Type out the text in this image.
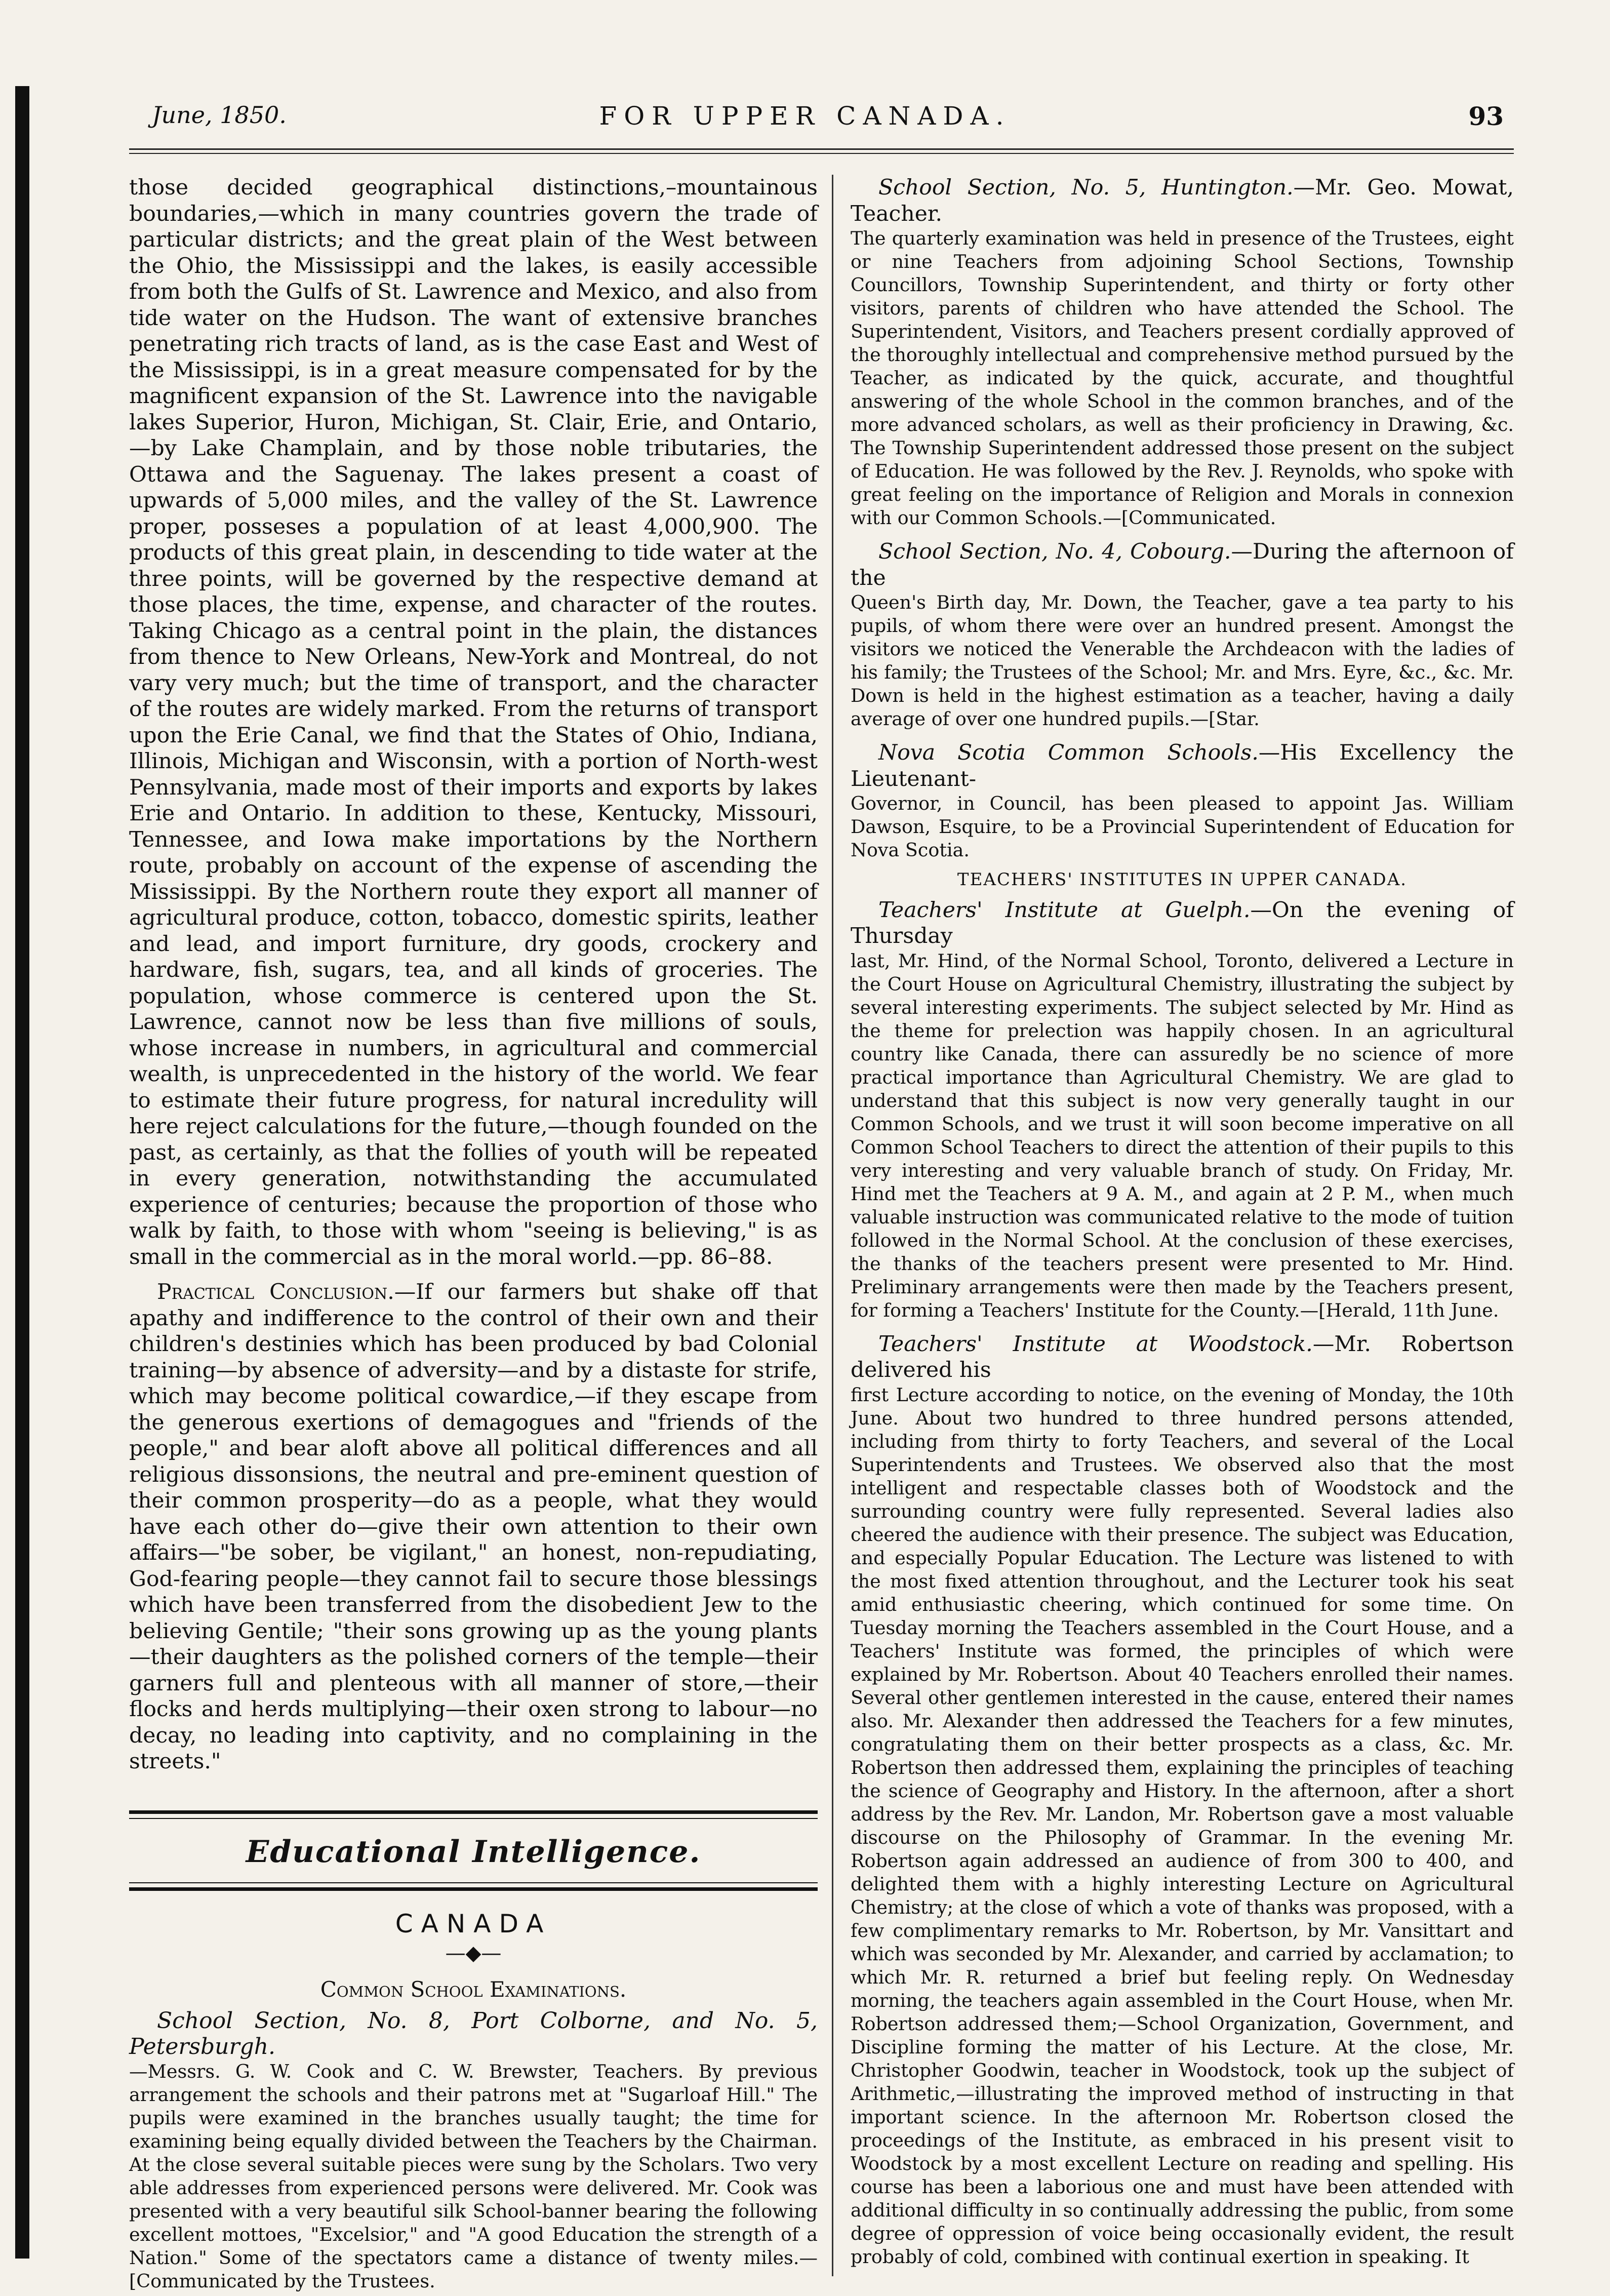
June, 1850.	FOR UPPER CANADA.	93

those decided geographical distinctions,–mountainous boundaries,—which in many countries govern the trade of particular districts; and the great plain of the West between the Ohio, the Mississippi and the lakes, is easily accessible from both the Gulfs of St. Lawrence and Mexico, and also from tide water on the Hudson. The want of extensive branches penetrating rich tracts of land, as is the case East and West of the Mississippi, is in a great measure compensated for by the magnificent expansion of the St. Lawrence into the navigable lakes Superior, Huron, Michigan, St. Clair, Erie, and Ontario,—by Lake Champlain, and by those noble tributaries, the Ottawa and the Saguenay. The lakes present a coast of upwards of 5,000 miles, and the valley of the St. Lawrence proper, posseses a population of at least 4,000,900. The products of this great plain, in descending to tide water at the three points, will be governed by the respective demand at those places, the time, expense, and character of the routes. Taking Chicago as a central point in the plain, the distances from thence to New Orleans, New-York and Montreal, do not vary very much; but the time of transport, and the character of the routes are widely marked. From the returns of transport upon the Erie Canal, we find that the States of Ohio, Indiana, Illinois, Michigan and Wisconsin, with a portion of North-west Pennsylvania, made most of their imports and exports by lakes Erie and Ontario. In addition to these, Kentucky, Missouri, Tennessee, and Iowa make importations by the Northern route, probably on account of the expense of ascending the Mississippi. By the Northern route they export all manner of agricultural produce, cotton, tobacco, domestic spirits, leather and lead, and import furniture, dry goods, crockery and hardware, fish, sugars, tea, and all kinds of groceries. The population, whose commerce is centered upon the St. Lawrence, cannot now be less than five millions of souls, whose increase in numbers, in agricultural and commercial wealth, is unprecedented in the history of the world. We fear to estimate their future progress, for natural incredulity will here reject calculations for the future,—though founded on the past, as certainly, as that the follies of youth will be repeated in every generation, notwithstanding the accumulated experience of centuries; because the proportion of those who walk by faith, to those with whom "seeing is believing," is as small in the commercial as in the moral world.—pp. 86–88.

Practical Conclusion.—If our farmers but shake off that apathy and indifference to the control of their own and their children's destinies which has been produced by bad Colonial training—by absence of adversity—and by a distaste for strife, which may become political cowardice,—if they escape from the generous exertions of demagogues and "friends of the people," and bear aloft above all political differences and all religious dissonsions, the neutral and pre-eminent question of their common prosperity—do as a people, what they would have each other do—give their own attention to their own affairs—"be sober, be vigilant," an honest, non-repudiating, God-fearing people—they cannot fail to secure those blessings which have been transferred from the disobedient Jew to the believing Gentile; "their sons growing up as the young plants—their daughters as the polished corners of the temple—their garners full and plenteous with all manner of store,—their flocks and herds multiplying—their oxen strong to labour—no decay, no leading into captivity, and no complaining in the streets."

Educational Intelligence.
CANADA
—◆—
Common School Examinations.

School Section, No. 8, Port Colborne, and No. 5, Petersburgh.

—Messrs. G. W. Cook and C. W. Brewster, Teachers. By previous arrangement the schools and their patrons met at "Sugarloaf Hill." The pupils were examined in the branches usually taught; the time for examining being equally divided between the Teachers by the Chairman. At the close several suitable pieces were sung by the Scholars. Two very able addresses from experienced persons were delivered. Mr. Cook was presented with a very beautiful silk School-banner bearing the following excellent mottoes, "Excelsior," and "A good Education the strength of a Nation." Some of the spectators came a distance of twenty miles.—[Communicated by the Trustees.

School Section, No. 5, Huntington.—Mr. Geo. Mowat, Teacher.

The quarterly examination was held in presence of the Trustees, eight or nine Teachers from adjoining School Sections, Township Councillors, Township Superintendent, and thirty or forty other visitors, parents of children who have attended the School. The Superintendent, Visitors, and Teachers present cordially approved of the thoroughly intellectual and comprehensive method pursued by the Teacher, as indicated by the quick, accurate, and thoughtful answering of the whole School in the common branches, and of the more advanced scholars, as well as their proficiency in Drawing, &c. The Township Superintendent addressed those present on the subject of Education. He was followed by the Rev. J. Reynolds, who spoke with great feeling on the importance of Religion and Morals in connexion with our Common Schools.—[Communicated.

School Section, No. 4, Cobourg.—During the afternoon of the

Queen's Birth day, Mr. Down, the Teacher, gave a tea party to his pupils, of whom there were over an hundred present. Amongst the visitors we noticed the Venerable the Archdeacon with the ladies of his family; the Trustees of the School; Mr. and Mrs. Eyre, &c., &c. Mr. Down is held in the highest estimation as a teacher, having a daily average of over one hundred pupils.—[Star.

Nova Scotia Common Schools.—His Excellency the Lieutenant-

Governor, in Council, has been pleased to appoint Jas. William Dawson, Esquire, to be a Provincial Superintendent of Education for Nova Scotia.

TEACHERS' INSTITUTES IN UPPER CANADA.

Teachers' Institute at Guelph.—On the evening of Thursday

last, Mr. Hind, of the Normal School, Toronto, delivered a Lecture in the Court House on Agricultural Chemistry, illustrating the subject by several interesting experiments. The subject selected by Mr. Hind as the theme for prelection was happily chosen. In an agricultural country like Canada, there can assuredly be no science of more practical importance than Agricultural Chemistry. We are glad to understand that this subject is now very generally taught in our Common Schools, and we trust it will soon become imperative on all Common School Teachers to direct the attention of their pupils to this very interesting and very valuable branch of study. On Friday, Mr. Hind met the Teachers at 9 A. M., and again at 2 P. M., when much valuable instruction was communicated relative to the mode of tuition followed in the Normal School. At the conclusion of these exercises, the thanks of the teachers present were presented to Mr. Hind. Preliminary arrangements were then made by the Teachers present, for forming a Teachers' Institute for the County.—[Herald, 11th June.

Teachers' Institute at Woodstock.—Mr. Robertson delivered his

first Lecture according to notice, on the evening of Monday, the 10th June. About two hundred to three hundred persons attended, including from thirty to forty Teachers, and several of the Local Superintendents and Trustees. We observed also that the most intelligent and respectable classes both of Woodstock and the surrounding country were fully represented. Several ladies also cheered the audience with their presence. The subject was Education, and especially Popular Education. The Lecture was listened to with the most fixed attention throughout, and the Lecturer took his seat amid enthusiastic cheering, which continued for some time. On Tuesday morning the Teachers assembled in the Court House, and a Teachers' Institute was formed, the principles of which were explained by Mr. Robertson. About 40 Teachers enrolled their names. Several other gentlemen interested in the cause, entered their names also. Mr. Alexander then addressed the Teachers for a few minutes, congratulating them on their better prospects as a class, &c. Mr. Robertson then addressed them, explaining the principles of teaching the science of Geography and History. In the afternoon, after a short address by the Rev. Mr. Landon, Mr. Robertson gave a most valuable discourse on the Philosophy of Grammar. In the evening Mr. Robertson again addressed an audience of from 300 to 400, and delighted them with a highly interesting Lecture on Agricultural Chemistry; at the close of which a vote of thanks was proposed, with a few complimentary remarks to Mr. Robertson, by Mr. Vansittart and which was seconded by Mr. Alexander, and carried by acclamation; to which Mr. R. returned a brief but feeling reply. On Wednesday morning, the teachers again assembled in the Court House, when Mr. Robertson addressed them;—School Organization, Government, and Discipline forming the matter of his Lecture. At the close, Mr. Christopher Goodwin, teacher in Woodstock, took up the subject of Arithmetic,—illustrating the improved method of instructing in that important science. In the afternoon Mr. Robertson closed the proceedings of the Institute, as embraced in his present visit to Woodstock by a most excellent Lecture on reading and spelling. His course has been a laborious one and must have been attended with additional difficulty in so continually addressing the public, from some degree of oppression of voice being occasionally evident, the result probably of cold, combined with continual exertion in speaking. It
